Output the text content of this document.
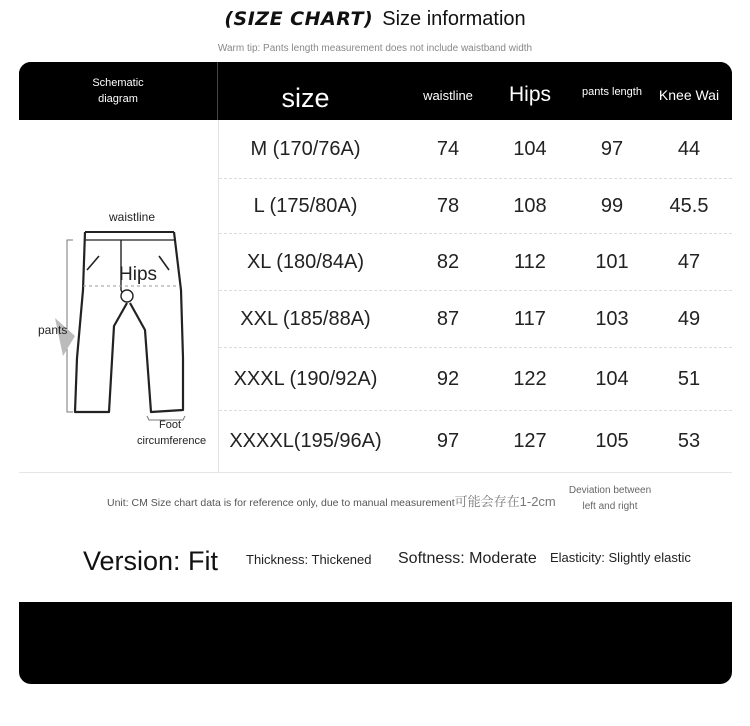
(SIZE CHART) Size information
Warm tip: Pants length measurement does not include waistband width
Schematic diagram	size	waistline	Hips	pants length	Knee Wai
waistline
Hips
pants
Foot
circumference
M (170/76A)	74	104	97	44
L (175/80A)	78	108	99	45.5
XL (180/84A)	82	112	101	47
XXL (185/88A)	87	117	103	49
XXXL (190/92A)	92	122	104	51
XXXXL(195/96A)	97	127	105	53
Unit: CM Size chart data is for reference only, due to manual measurement可能会存在1-2cm
Deviation between
left and right
Version: Fit Thickness: Thickened Softness: Moderate Elasticity: Slightly elastic
